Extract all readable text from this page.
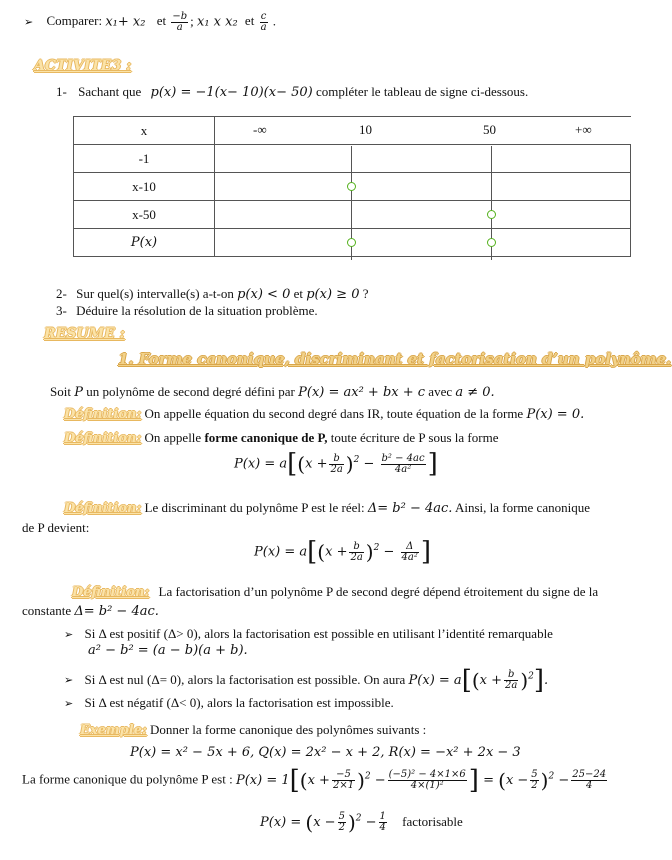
➢ Comparer: x₁+ x₂ et $\frac{-b}{a}$ ; x₁ x x₂ et $\frac{c}{a}$ .
ACTIVITE3 :
1- Sachant que p(x) = −1(x− 10)(x− 50) compléter le tableau de signe ci-dessous.
x	-∞ 10 50 +∞

-1	
x-10	
x-50	
P(x)	
2- Sur quel(s) intervalle(s) a-t-on p(x) < 0 et p(x) ≥ 0 ?
3- Déduire la résolution de la situation problème.
RESUME :
1. Forme canonique, discriminant et factorisation d’un polynôme.
Soit P un polynôme de second degré défini par P(x) = ax² + bx + c avec a ≠ 0.
Définition: On appelle équation du second degré dans IR, toute équation de la forme P(x) = 0.
Définition: On appelle forme canonique de P, toute écriture de P sous la forme
$P(x) = a[(x + \frac{b}{2a} )^2 - \frac{\text{b² − 4ac}}{\text{4a²}}$ ]
Définition: Le discriminant du polynôme P est le réel: Δ= b² − 4ac. Ainsi, la forme canonique
de P devient:
$P(x) = a[(x + \frac{b}{2a} )^2 - \frac{\Delta}{\text{4a²}}$ ]
Définition: La factorisation d’un polynôme P de second degré dépend étroitement du signe de la
constante Δ= b² − 4ac.
➢ Si Δ est positif (Δ> 0), alors la factorisation est possible en utilisant l’identité remarquable
a² − b² = (a − b)(a + b).
➢ Si Δ est nul (Δ= 0), alors la factorisation est possible. On aura $P(x) = a[(x + \frac{b}{2a} )^2]$.
➢ Si Δ est négatif (Δ< 0), alors la factorisation est impossible.
Exemple: Donner la forme canonique des polynômes suivants :
P(x) = x² − 5x + 6, Q(x) = 2x² − x + 2, R(x) = −x² + 2x − 3
La forme canonique du polynôme P est : $P(x) = 1[(x + \frac{-5}{2\times 1} )^2 - \frac{\text{(−5)² − 4×1×6}}{\text{4×(1)²}}$ ] = $(x - \frac{5}{2} )^2 - \frac{25-24}{4}$
$P(x) = (x - \frac{5}{2} )^2 - \frac{1}{4}$ factorisable
